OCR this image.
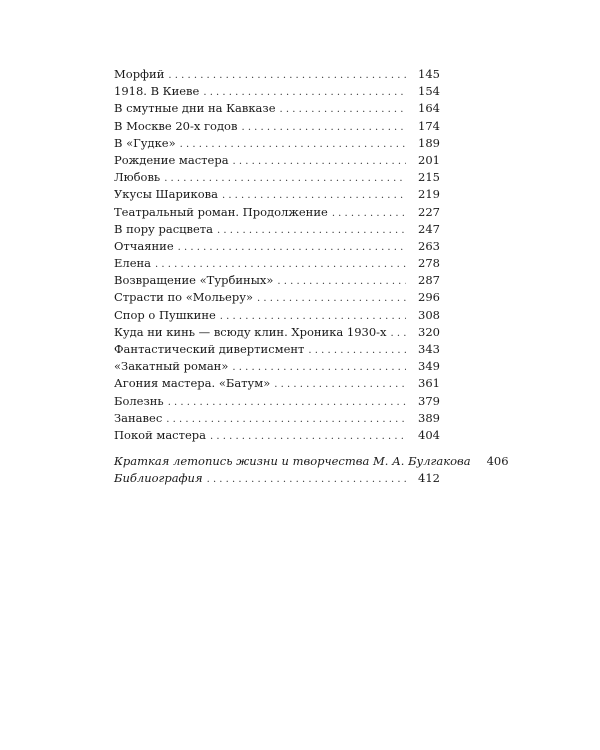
Морфий . . .	145
1918. В Киеве . . .	154
В смутные дни на Кавказе . . .	164
В Москве 20-х годов . . .	174
В «Гудке» . . .	189
Рождение мастера . . .	201
Любовь . . .	215
Укусы Шарикова . . .	219
Театральный роман. Продолжение . . .	227
В пору расцвета . . .	247
Отчаяние . . .	263
Елена . . .	278
Возвращение «Турбиных» . . .	287
Страсти по «Мольеру» . . .	296
Спор о Пушкине . . .	308
Куда ни кинь — всюду клин. Хроника 1930-х . . .	320
Фантастический дивертисмент . . .	343
«Закатный роман» . . .	349
Агония мастера. «Батум» . . .	361
Болезнь . . .	379
Занавес . . .	389
Покой мастера . . .	404
Краткая летопись жизни и творчества М. А. Булгакова	406
Библиография . . .	412
